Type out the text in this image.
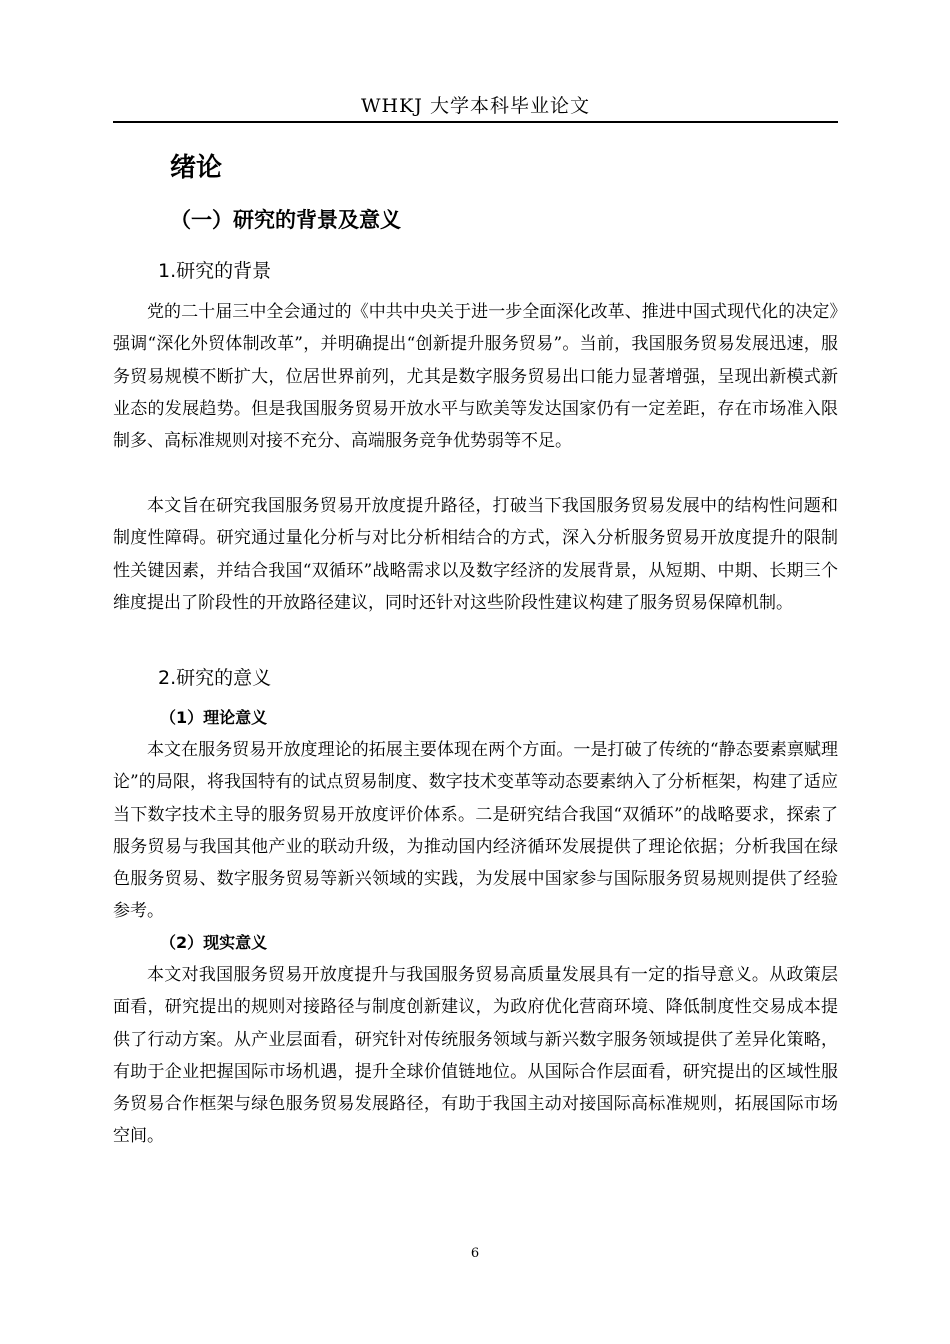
WHKJ 大学本科毕业论文
绪论
（一）研究的背景及意义
1.研究的背景

党的二十届三中全会通过的《中共中央关于进一步全面深化改革、推进中国式现代化的决定》强调“深化外贸体制改革”，并明确提出“创新提升服务贸易”。当前，我国服务贸易发展迅速，服务贸易规模不断扩大，位居世界前列，尤其是数字服务贸易出口能力显著增强，呈现出新模式新业态的发展趋势。但是我国服务贸易开放水平与欧美等发达国家仍有一定差距，存在市场准入限制多、高标准规则对接不充分、高端服务竞争优势弱等不足。

本文旨在研究我国服务贸易开放度提升路径，打破当下我国服务贸易发展中的结构性问题和制度性障碍。研究通过量化分析与对比分析相结合的方式，深入分析服务贸易开放度提升的限制性关键因素，并结合我国“双循环”战略需求以及数字经济的发展背景，从短期、中期、长期三个维度提出了阶段性的开放路径建议，同时还针对这些阶段性建议构建了服务贸易保障机制。

2.研究的意义
（1）理论意义

本文在服务贸易开放度理论的拓展主要体现在两个方面。一是打破了传统的“静态要素禀赋理论”的局限，将我国特有的试点贸易制度、数字技术变革等动态要素纳入了分析框架，构建了适应当下数字技术主导的服务贸易开放度评价体系。二是研究结合我国“双循环”的战略要求，探索了服务贸易与我国其他产业的联动升级，为推动国内经济循环发展提供了理论依据；分析我国在绿色服务贸易、数字服务贸易等新兴领域的实践，为发展中国家参与国际服务贸易规则提供了经验参考。

（2）现实意义

本文对我国服务贸易开放度提升与我国服务贸易高质量发展具有一定的指导意义。从政策层面看，研究提出的规则对接路径与制度创新建议，为政府优化营商环境、降低制度性交易成本提供了行动方案。从产业层面看，研究针对传统服务领域与新兴数字服务领域提供了差异化策略，有助于企业把握国际市场机遇，提升全球价值链地位。从国际合作层面看，研究提出的区域性服务贸易合作框架与绿色服务贸易发展路径，有助于我国主动对接国际高标准规则，拓展国际市场空间。

6
